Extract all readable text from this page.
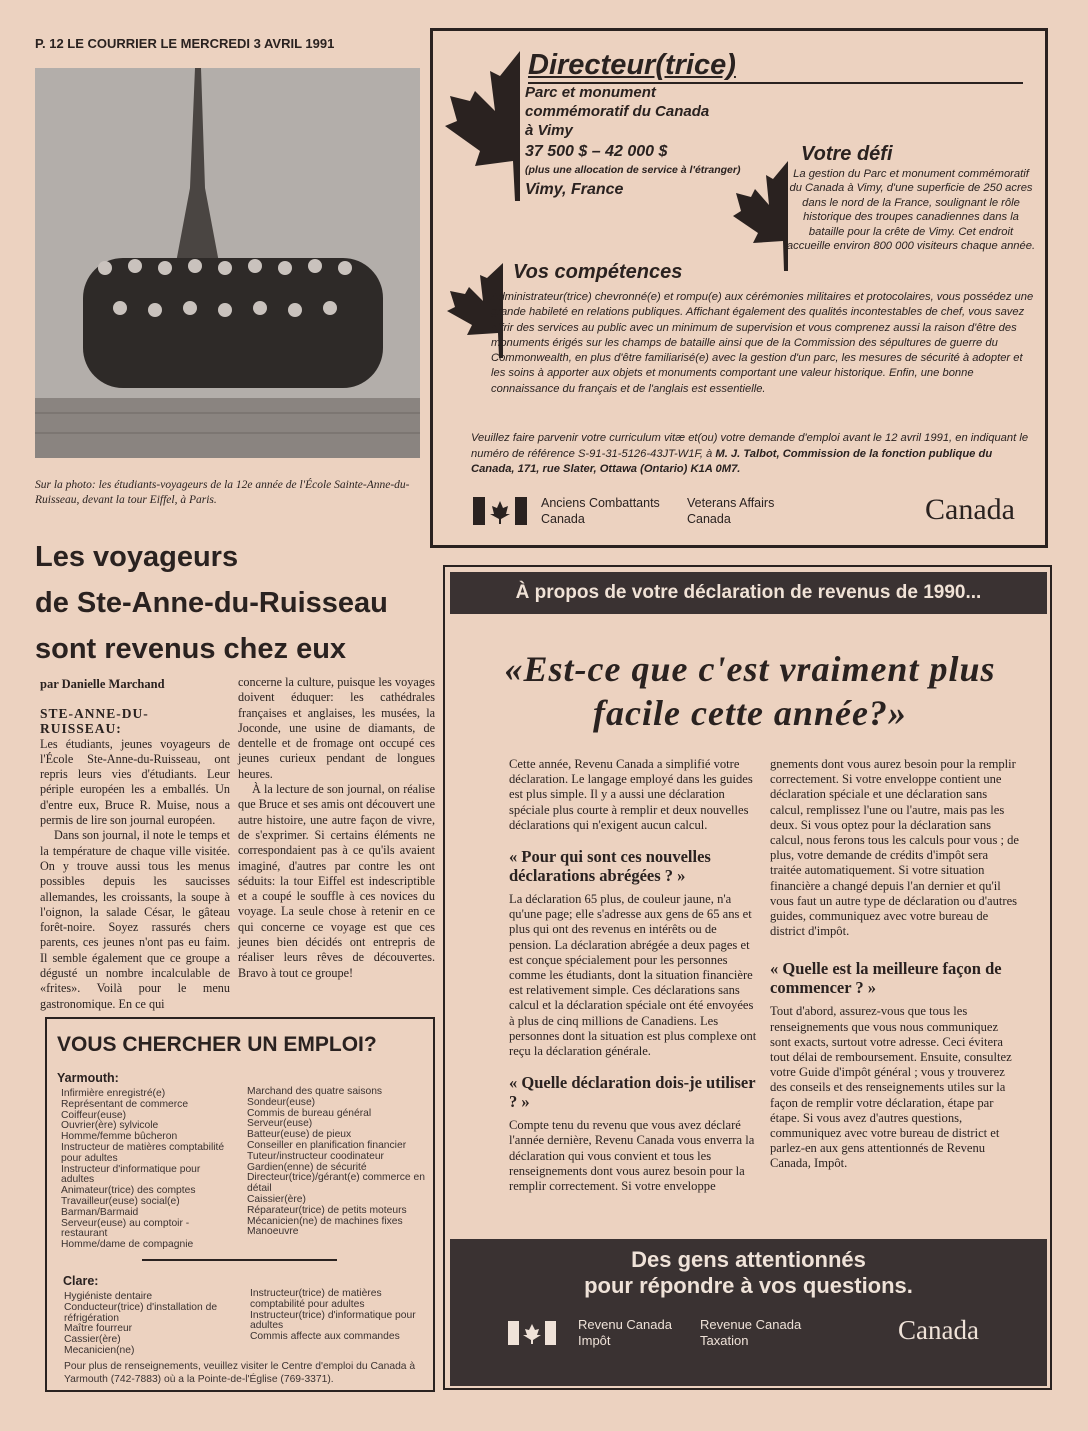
P. 12 LE COURRIER LE MERCREDI 3 AVRIL 1991
Sur la photo: les étudiants-voyageurs de la 12e année de l'École Sainte-Anne-du-Ruisseau, devant la tour Eiffel, à Paris.
Les voyageurs
de Ste-Anne-du-Ruisseau
sont revenus chez eux
par Danielle Marchand
STE-ANNE-DU-RUISSEAU:

Les étudiants, jeunes voyageurs de l'École Ste-Anne-du-Ruisseau, ont repris leurs vies d'étudiants. Leur périple européen les a emballés. Un d'entre eux, Bruce R. Muise, nous a permis de lire son journal européen.

Dans son journal, il note le temps et la température de chaque ville visitée. On y trouve aussi tous les menus possibles depuis les saucisses allemandes, les croissants, la soupe à l'oignon, la salade César, le gâteau forêt-noire. Soyez rassurés chers parents, ces jeunes n'ont pas eu faim. Il semble également que ce groupe a dégusté un nombre incalculable de «frites». Voilà pour le menu gastronomique. En ce qui

concerne la culture, puisque les voyages doivent éduquer: les cathédrales françaises et anglaises, les musées, la Joconde, une usine de diamants, de dentelle et de fromage ont occupé ces jeunes curieux pendant de longues heures.

À la lecture de son journal, on réalise que Bruce et ses amis ont découvert une autre histoire, une autre façon de vivre, de s'exprimer. Si certains éléments ne correspondaient pas à ce qu'ils avaient imaginé, d'autres par contre les ont séduits: la tour Eiffel est indescriptible et a coupé le souffle à ces novices du voyage. La seule chose à retenir en ce qui concerne ce voyage est que ces jeunes bien décidés ont entrepris de réaliser leurs rêves de découvertes. Bravo à tout ce groupe!

VOUS CHERCHER UN EMPLOI?
Yarmouth:
Infirmière enregistré(e)
Représentant de commerce
Coiffeur(euse)
Ouvrier(ère) sylvicole
Homme/femme bûcheron
Instructeur de matières comptabilité pour adultes
Instructeur d'informatique pour adultes
Animateur(trice) des comptes
Travailleur(euse) social(e)
Barman/Barmaid
Serveur(euse) au comptoir - restaurant
Homme/dame de compagnie
Marchand des quatre saisons
Sondeur(euse)
Commis de bureau général
Serveur(euse)
Batteur(euse) de pieux
Conseiller en planification financier
Tuteur/instructeur coodinateur
Gardien(enne) de sécurité
Directeur(trice)/gérant(e) commerce en détail
Caissier(ère)
Réparateur(trice) de petits moteurs
Mécanicien(ne) de machines fixes
Manoeuvre
Clare:
Hygiéniste dentaire
Conducteur(trice) d'installation de réfrigération
Maître fourreur
Cassier(ère)
Mecanicien(ne)
Instructeur(trice) de matières comptabilité pour adultes
Instructeur(trice) d'informatique pour adultes
Commis affecte aux commandes
Pour plus de renseignements, veuillez visiter le Centre d'emploi du Canada à Yarmouth (742-7883) où a la Pointe-de-l'Église (769-3371).
Directeur(trice)
Parc et monument
commémoratif du Canada
à Vimy
37 500 $ – 42 000 $
(plus une allocation de service à l'étranger)
Vimy, France
Votre défi
La gestion du Parc et monument commémoratif du Canada à Vimy, d'une superficie de 250 acres dans le nord de la France, soulignant le rôle historique des troupes canadiennes dans la bataille pour la crête de Vimy. Cet endroit accueille environ 800 000 visiteurs chaque année.
Vos compétences
Administrateur(trice) chevronné(e) et rompu(e) aux cérémonies militaires et protocolaires, vous possédez une grande habileté en relations publiques. Affichant également des qualités incontestables de chef, vous savez offrir des services au public avec un minimum de supervision et vous comprenez aussi la raison d'être des monuments érigés sur les champs de bataille ainsi que de la Commission des sépultures de guerre du Commonwealth, en plus d'être familiarisé(e) avec la gestion d'un parc, les mesures de sécurité à adopter et les soins à apporter aux objets et monuments comportant une valeur historique. Enfin, une bonne connaissance du français et de l'anglais est essentielle.
Veuillez faire parvenir votre curriculum vitæ et(ou) votre demande d'emploi avant le 12 avril 1991, en indiquant le numéro de référence S-91-31-5126-43JT-W1F, à M. J. Talbot, Commission de la fonction publique du Canada, 171, rue Slater, Ottawa (Ontario) K1A 0M7.
Anciens Combattants
Canada
Veterans Affairs
Canada	Canada
À propos de votre déclaration de revenus de 1990...
«Est-ce que c'est vraiment plus
facile cette année?»

Cette année, Revenu Canada a simplifié votre déclaration. Le langage employé dans les guides est plus simple. Il y a aussi une déclaration spéciale plus courte à remplir et deux nouvelles déclarations qui n'exigent aucun calcul.

« Pour qui sont ces nouvelles déclarations abrégées ? »

La déclaration 65 plus, de couleur jaune, n'a qu'une page; elle s'adresse aux gens de 65 ans et plus qui ont des revenus en intérêts ou de pension. La déclaration abrégée a deux pages et est conçue spécialement pour les personnes comme les étudiants, dont la situation financière est relativement simple. Ces déclarations sans calcul et la déclaration spéciale ont été envoyées à plus de cinq millions de Canadiens. Les personnes dont la situation est plus complexe ont reçu la déclaration générale.

« Quelle déclaration dois-je utiliser ? »

Compte tenu du revenu que vous avez déclaré l'année dernière, Revenu Canada vous enverra la déclaration qui vous convient et tous les renseignements dont vous aurez besoin pour la remplir correctement. Si votre enveloppe

gnements dont vous aurez besoin pour la remplir correctement. Si votre enveloppe contient une déclaration spéciale et une déclaration sans calcul, remplissez l'une ou l'autre, mais pas les deux. Si vous optez pour la déclaration sans calcul, nous ferons tous les calculs pour vous ; de plus, votre demande de crédits d'impôt sera traitée automatiquement. Si votre situation financière a changé depuis l'an dernier et qu'il vous faut un autre type de déclaration ou d'autres guides, communiquez avec votre bureau de district d'impôt.

« Quelle est la meilleure façon de commencer ? »

Tout d'abord, assurez-vous que tous les renseignements que vous nous communiquez sont exacts, surtout votre adresse. Ceci évitera tout délai de remboursement. Ensuite, consultez votre Guide d'impôt général ; vous y trouverez des conseils et des renseignements utiles sur la façon de remplir votre déclaration, étape par étape. Si vous avez d'autres questions, communiquez avec votre bureau de district et parlez-en aux gens attentionnés de Revenu Canada, Impôt.

Des gens attentionnés
pour répondre à vos questions.
Revenu Canada
Impôt
Revenue Canada
Taxation	Canada
